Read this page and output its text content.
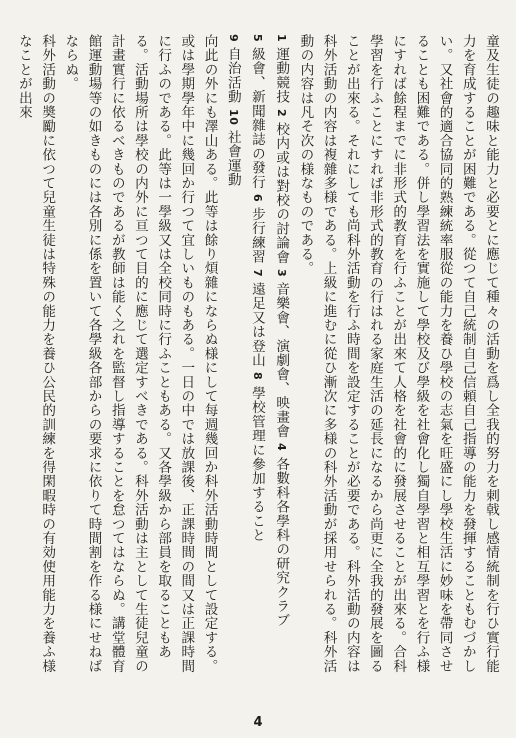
童及生徒の趣味と能力と必要とに應じて種々の活動を爲し全我的努力を刺戟し感情統制を行ひ實行能力を育成することが困難である。從つて自己統制自己信頼自己指導の能力を發揮することもむづかしい。又社會的適合協同的熟練統率服從の能力を養ひ學校の志氣を旺盛にし學校生活に妙味を帶同させることも困難である。併し學習法を實施して學校及び學級を社會化し獨自學習と相互學習とを行ふ様にすれば餘程までに非形式的教育を行ふことが出來て人格を社會的に發展させることが出來る。合科學習を行ふことにすれば非形式的教育の行はれる家庭生活の延長になるから尚更に全我的發展を圖ることが出來る。それにしても尚科外活動を行ふ時間を設定することが必要である。科外活動の内容は

科外活動の内容は複雜多様である。上級に進むに從ひ漸次に多様の科外活動が採用せられる。科外活動の内容は凡そ次の様なものである。

1 運動競技 2 校内或は對校の討論會 3 音樂會、演劇會、映畫會 4 各數科各學科の研究クラブ

5 級會、新聞雜誌の發行 6 步行練習 7 遠足又は登山 8 學校管理に參加すること

9 自治活動 10 社會運動

向此の外にも澤山ある。此等は餘り煩雜にならぬ様にして每週幾回か科外活動時間として設定する。或は學期學年中に幾回か行つて宜しいものもある。一日の中では放課後、正課時間の間又は正課時間に行ふのである。此等は一學級又は全校同時に行ふこともある。又各學級から部員を取ることもある。活動場所は學校の内外に亘つて目的に應じて選定すべきである。科外活動は主として生徒兒童の計畫實行に依るべきものであるが教師は能く之れを監督し指導することを怠つてはならぬ。講堂體育館運動場等の如きものには各別に係を置いて各學級各部からの要求に依りて時間割を作る様にせねばならぬ。

科外活動の奬勵に依つて兒童生徒は特殊の能力を養ひ公民的訓練を得閑暇時の有効使用能力を養ふ様なことが出來

4
